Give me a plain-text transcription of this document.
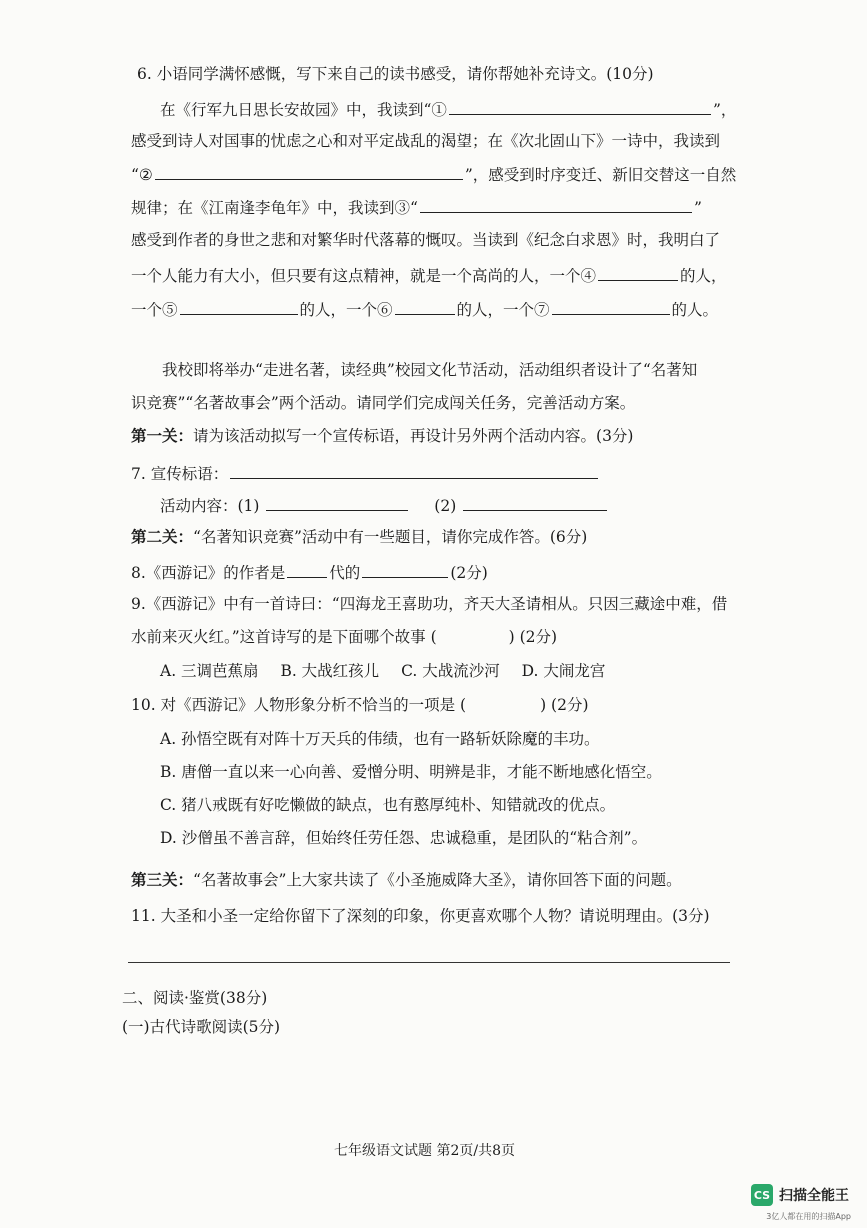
6. 小语同学满怀感慨，写下来自己的读书感受，请你帮她补充诗文。(10分)
在《行军九日思长安故园》中，我读到“①	”，
感受到诗人对国事的忧虑之心和对平定战乱的渴望；在《次北固山下》一诗中，我读到
“②	”，感受到时序变迁、新旧交替这一自然
规律；在《江南逢李龟年》中，我读到③“	”
感受到作者的身世之悲和对繁华时代落幕的慨叹。当读到《纪念白求恩》时，我明白了
一个人能力有大小，但只要有这点精神，就是一个高尚的人，一个④	的人，
一个⑤	的人，一个⑥	的人，一个⑦	的人。
我校即将举办“走进名著，读经典”校园文化节活动，活动组织者设计了“名著知
识竞赛”“名著故事会”两个活动。请同学们完成闯关任务，完善活动方案。
第一关：请为该活动拟写一个宣传标语，再设计另外两个活动内容。(3分)
7. 宣传标语：
活动内容：(1)	(2)
第二关：“名著知识竞赛”活动中有一些题目，请你完成作答。(6分)
8.《西游记》的作者是	代的	(2分)
9.《西游记》中有一首诗曰：“四海龙王喜助功，齐天大圣请相从。只因三藏途中难，借
水前来灭火红。”这首诗写的是下面哪个故事 (	) (2分)
A. 三调芭蕉扇 B. 大战红孩儿 C. 大战流沙河 D. 大闹龙宫
10. 对《西游记》人物形象分析不恰当的一项是 (	) (2分)
A. 孙悟空既有对阵十万天兵的伟绩，也有一路斩妖除魔的丰功。
B. 唐僧一直以来一心向善、爱憎分明、明辨是非，才能不断地感化悟空。
C. 猪八戒既有好吃懒做的缺点，也有憨厚纯朴、知错就改的优点。
D. 沙僧虽不善言辞，但始终任劳任怨、忠诚稳重，是团队的“粘合剂”。
第三关：“名著故事会”上大家共读了《小圣施威降大圣》，请你回答下面的问题。
11. 大圣和小圣一定给你留下了深刻的印象，你更喜欢哪个人物？请说明理由。(3分)
二、阅读·鉴赏(38分)
(一)古代诗歌阅读(5分)
七年级语文试题 第2页/共8页
CS 扫描全能王
3亿人都在用的扫描App
